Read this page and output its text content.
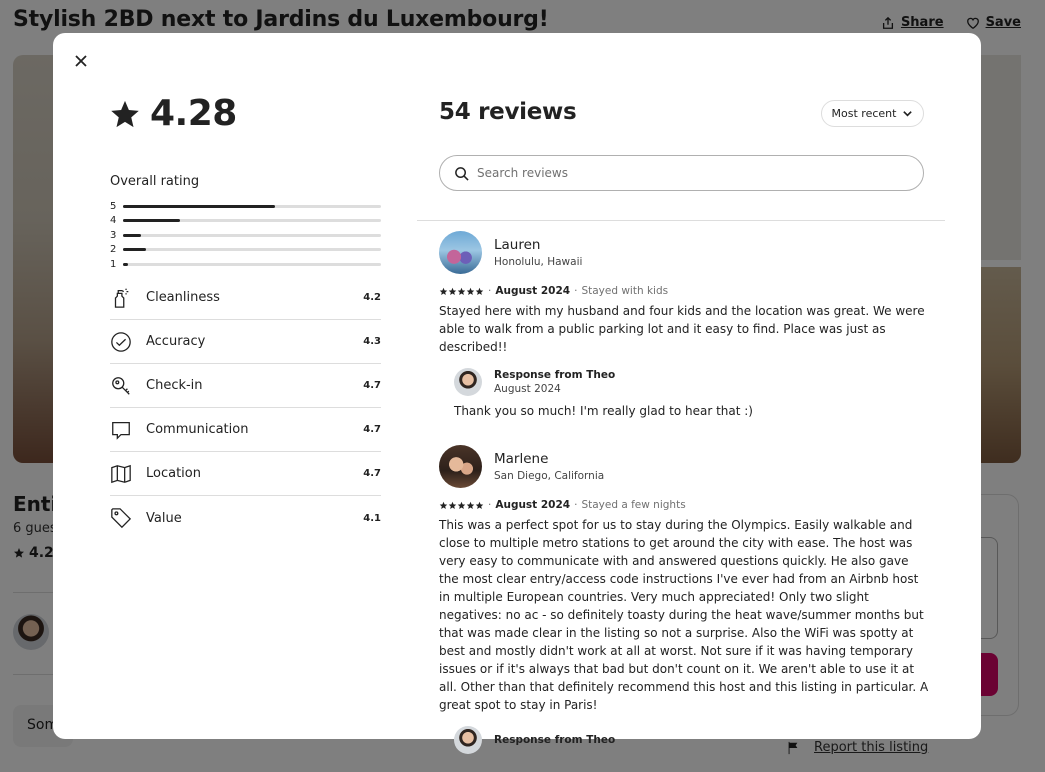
4.28
Overall rating
5
4
3
2
1
Cleanliness	4.2
Accuracy	4.3
Check-in	4.7
Communication	4.7
Location	4.7
Value	4.1
54 reviews	Most recent
Search reviews
Lauren
Honolulu, Hawaii
· August 2024 · Stayed with kids
Stayed here with my husband and four kids and the location was great. We were able to walk from a public parking lot and it easy to find. Place was just as described!!
Response from Theo
August 2024
Thank you so much! I'm really glad to hear that :)
Marlene
San Diego, California
· August 2024 · Stayed a few nights
This was a perfect spot for us to stay during the Olympics. Easily walkable and close to multiple metro stations to get around the city with ease. The host was very easy to communicate with and answered questions quickly. He also gave the most clear entry/access code instructions I've ever had from an Airbnb host in multiple European countries. Very much appreciated! Only two slight negatives: no ac - so definitely toasty during the heat wave/summer months but that was made clear in the listing so not a surprise. Also the WiFi was spotty at best and mostly didn't work at all at worst. Not sure if it was having temporary issues or if it's always that bad but don't count on it. We aren't able to use it at all. Other than that definitely recommend this host and this listing in particular. A great spot to stay in Paris!
Response from Theo
